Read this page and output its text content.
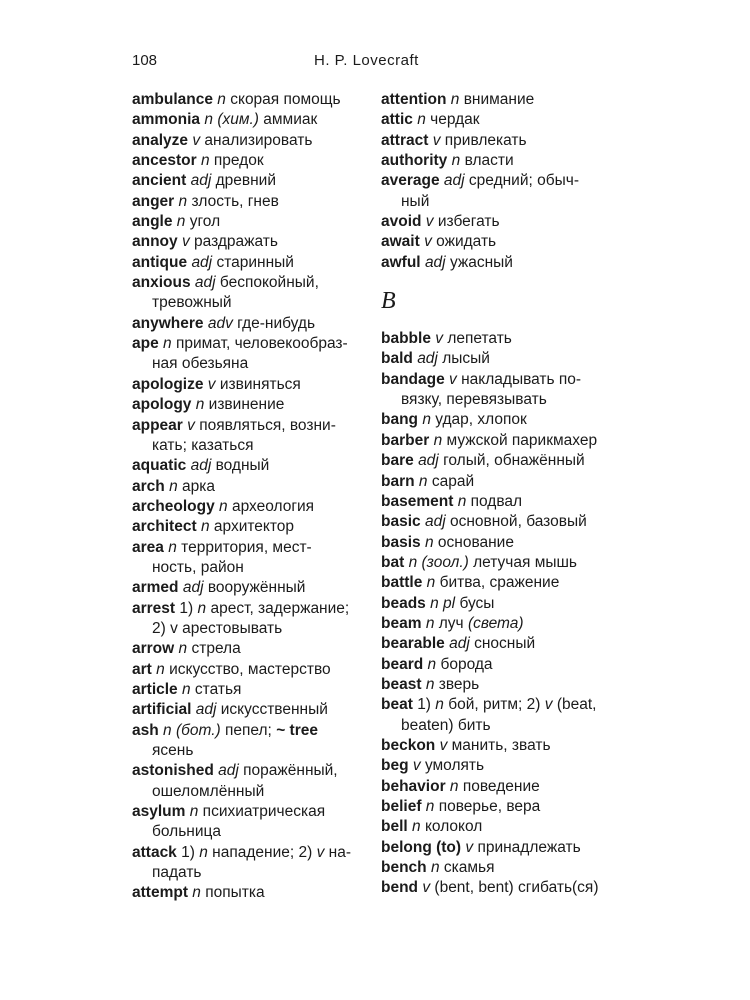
108	H. P. Lovecraft
ambulance n скорая помощь
ammonia n (хим.) аммиак
analyze v анализировать
ancestor n предок
ancient adj древний
anger n злость, гнев
angle n угол
annoy v раздражать
antique adj старинный
anxious adj беспокойный,
тревожный
anywhere adv где-нибудь
ape n примат, человекообраз-
ная обезьяна
apologize v извиняться
apology n извинение
appear v появляться, возни-
кать; казаться
aquatic adj водный
arch n арка
archeology n археология
architect n архитектор
area n территория, мест-
ность, район
armed adj вооружённый
arrest 1) n арест, задержание;
2) v арестовывать
arrow n стрела
art n искусство, мастерство
article n статья
artificial adj искусственный
ash n (бот.) пепел; ~ tree
ясень
astonished adj поражённый,
ошеломлённый
asylum n психиатрическая
больница
attack 1) n нападение; 2) v на-
падать
attempt n попытка
attention n внимание
attic n чердак
attract v привлекать
authority n власти
average adj средний; обыч-
ный
avoid v избегать
await v ожидать
awful adj ужасный
B
babble v лепетать
bald adj лысый
bandage v накладывать по-
вязку, перевязывать
bang n удар, хлопок
barber n мужской парикмахер
bare adj голый, обнажённый
barn n сарай
basement n подвал
basic adj основной, базовый
basis n основание
bat n (зоол.) летучая мышь
battle n битва, сражение
beads n pl бусы
beam n луч (света)
bearable adj сносный
beard n борода
beast n зверь
beat 1) n бой, ритм; 2) v (beat,
beaten) бить
beckon v манить, звать
beg v умолять
behavior n поведение
belief n поверье, вера
bell n колокол
belong (to) v принадлежать
bench n скамья
bend v (bent, bent) сгибать(ся)
